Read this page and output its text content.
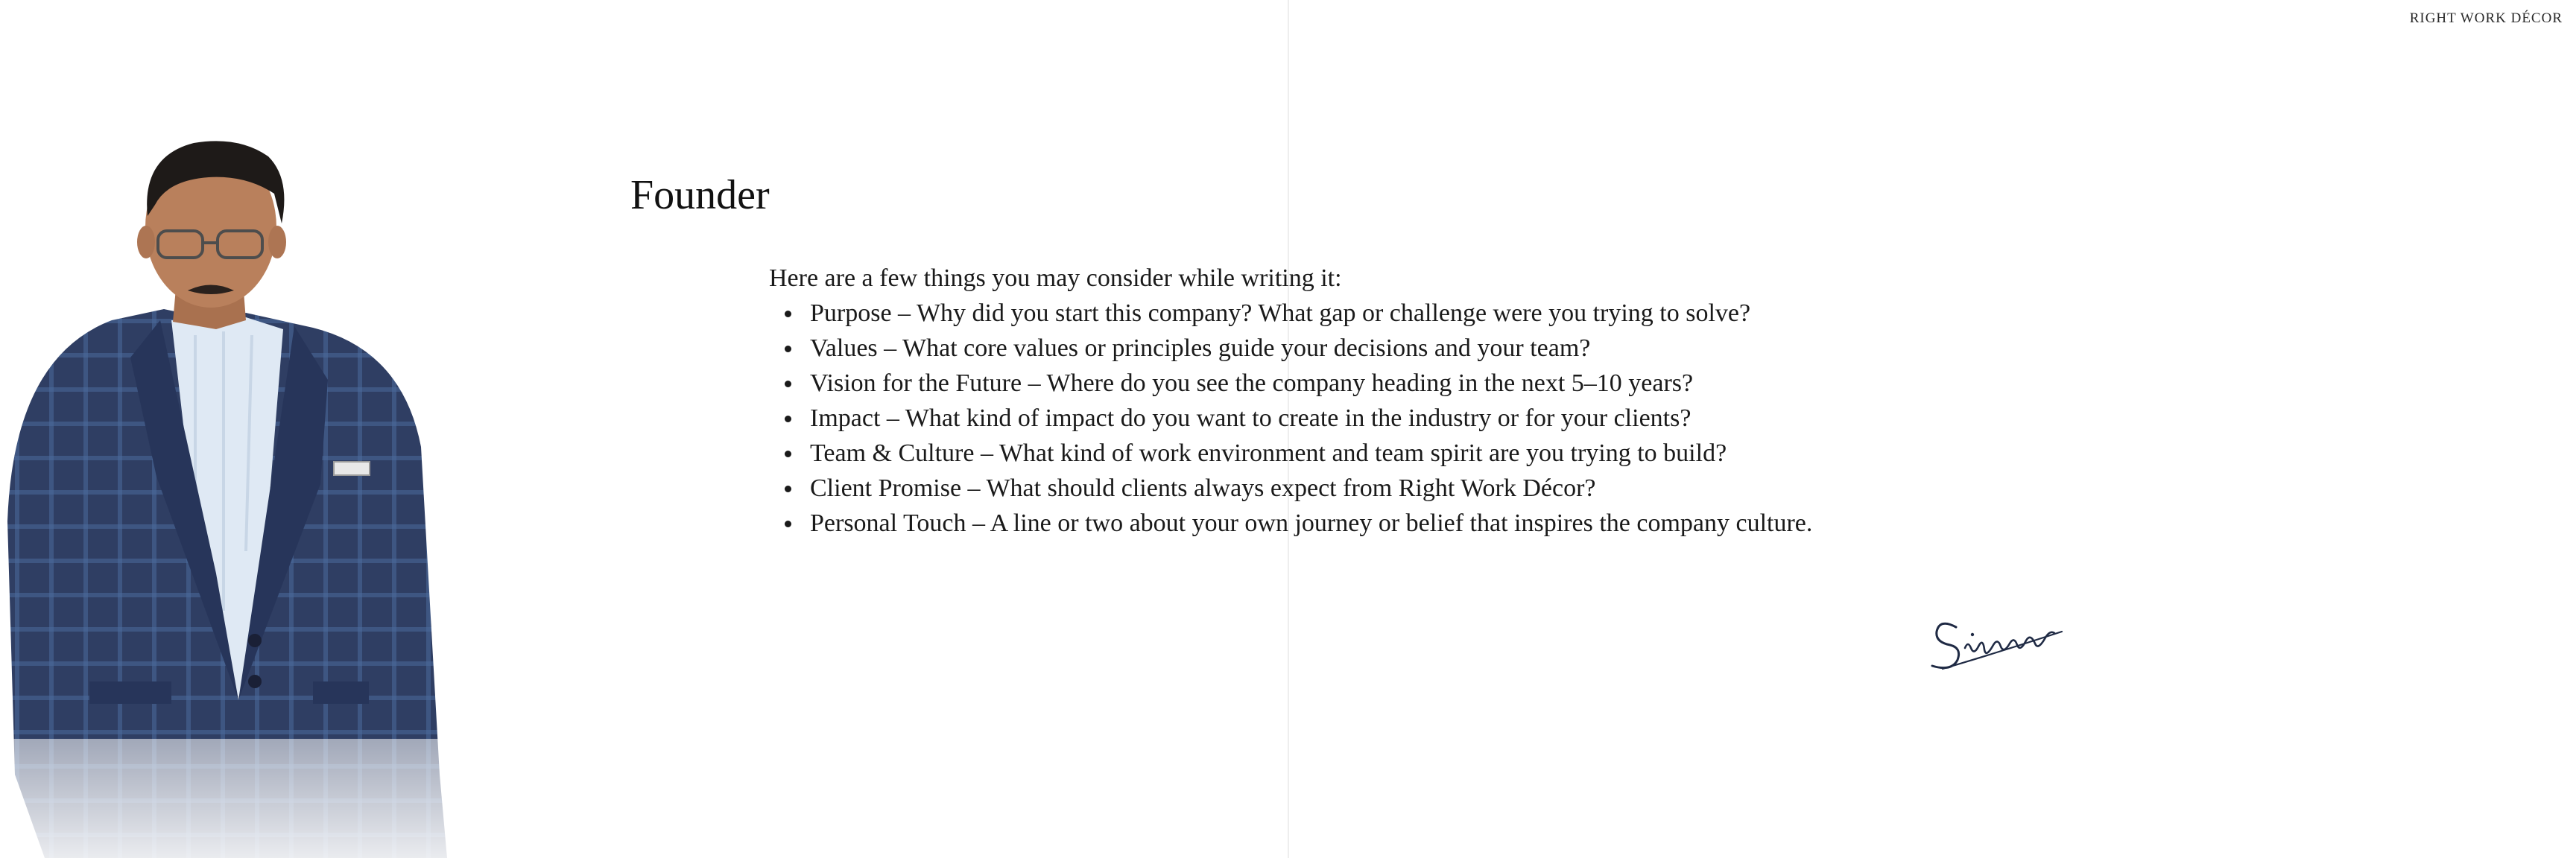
RIGHT WORK DÉCOR
Founder

Here are a few things you may consider while writing it:

Purpose – Why did you start this company? What gap or challenge were you trying to solve?
Values – What core values or principles guide your decisions and your team?
Vision for the Future – Where do you see the company heading in the next 5–10 years?
Impact – What kind of impact do you want to create in the industry or for your clients?
Team & Culture – What kind of work environment and team spirit are you trying to build?
Client Promise – What should clients always expect from Right Work Décor?
Personal Touch – A line or two about your own journey or belief that inspires the company culture.
